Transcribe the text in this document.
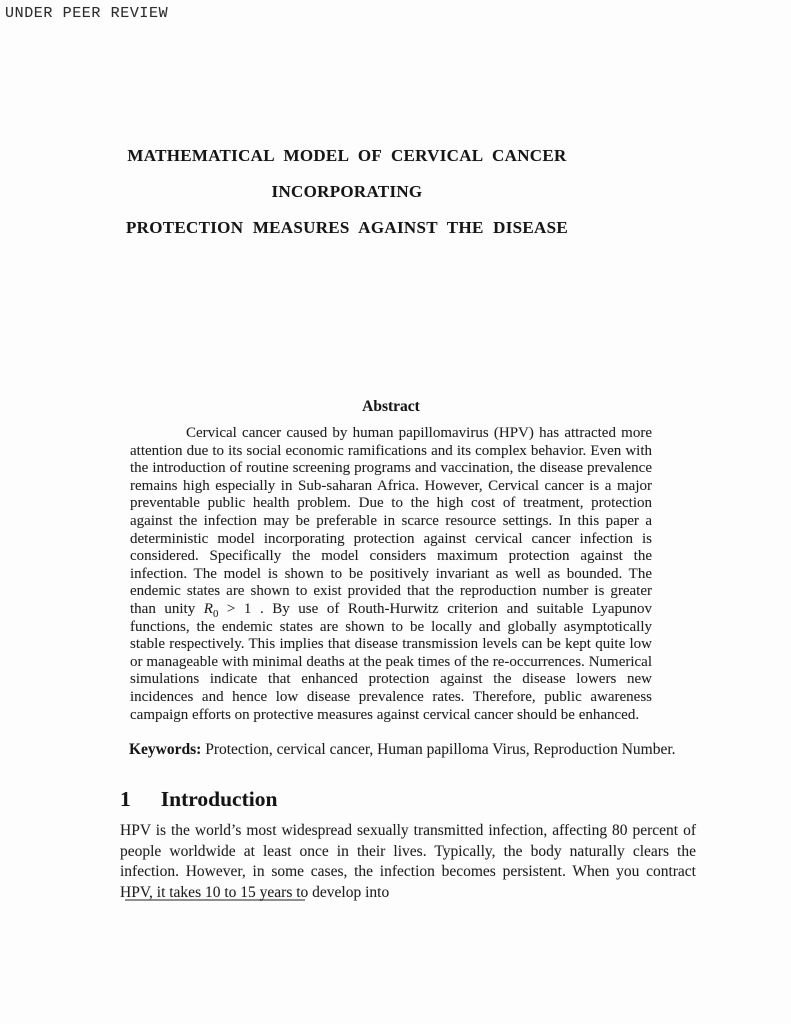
UNDER PEER REVIEW
MATHEMATICAL MODEL OF CERVICAL CANCER INCORPORATING
PROTECTION MEASURES AGAINST THE DISEASE
Abstract

Cervical cancer caused by human papillomavirus (HPV) has attracted more attention due to its social economic ramifications and its complex behavior. Even with the introduction of routine screening programs and vaccination, the disease prevalence remains high especially in Sub-saharan Africa. However, Cervical cancer is a major preventable public health problem. Due to the high cost of treatment, protection against the infection may be preferable in scarce resource settings. In this paper a deterministic model incorporating protection against cervical cancer infection is considered. Specifically the model considers maximum protection against the infection. The model is shown to be positively invariant as well as bounded. The endemic states are shown to exist provided that the reproduction number is greater than unity $R_0 > 1$ . By use of Routh-Hurwitz criterion and suitable Lyapunov functions, the endemic states are shown to be locally and globally asymptotically stable respectively. This implies that disease transmission levels can be kept quite low or manageable with minimal deaths at the peak times of the re-occurrences. Numerical simulations indicate that enhanced protection against the disease lowers new incidences and hence low disease prevalence rates. Therefore, public awareness campaign efforts on protective measures against cervical cancer should be enhanced.

Keywords: Protection, cervical cancer, Human papilloma Virus, Reproduction Number.

1 Introduction

HPV is the world’s most widespread sexually transmitted infection, affecting 80 percent of people worldwide at least once in their lives. Typically, the body naturally clears the infection. However, in some cases, the infection becomes persistent. When you contract HPV, it takes 10 to 15 years to develop into
